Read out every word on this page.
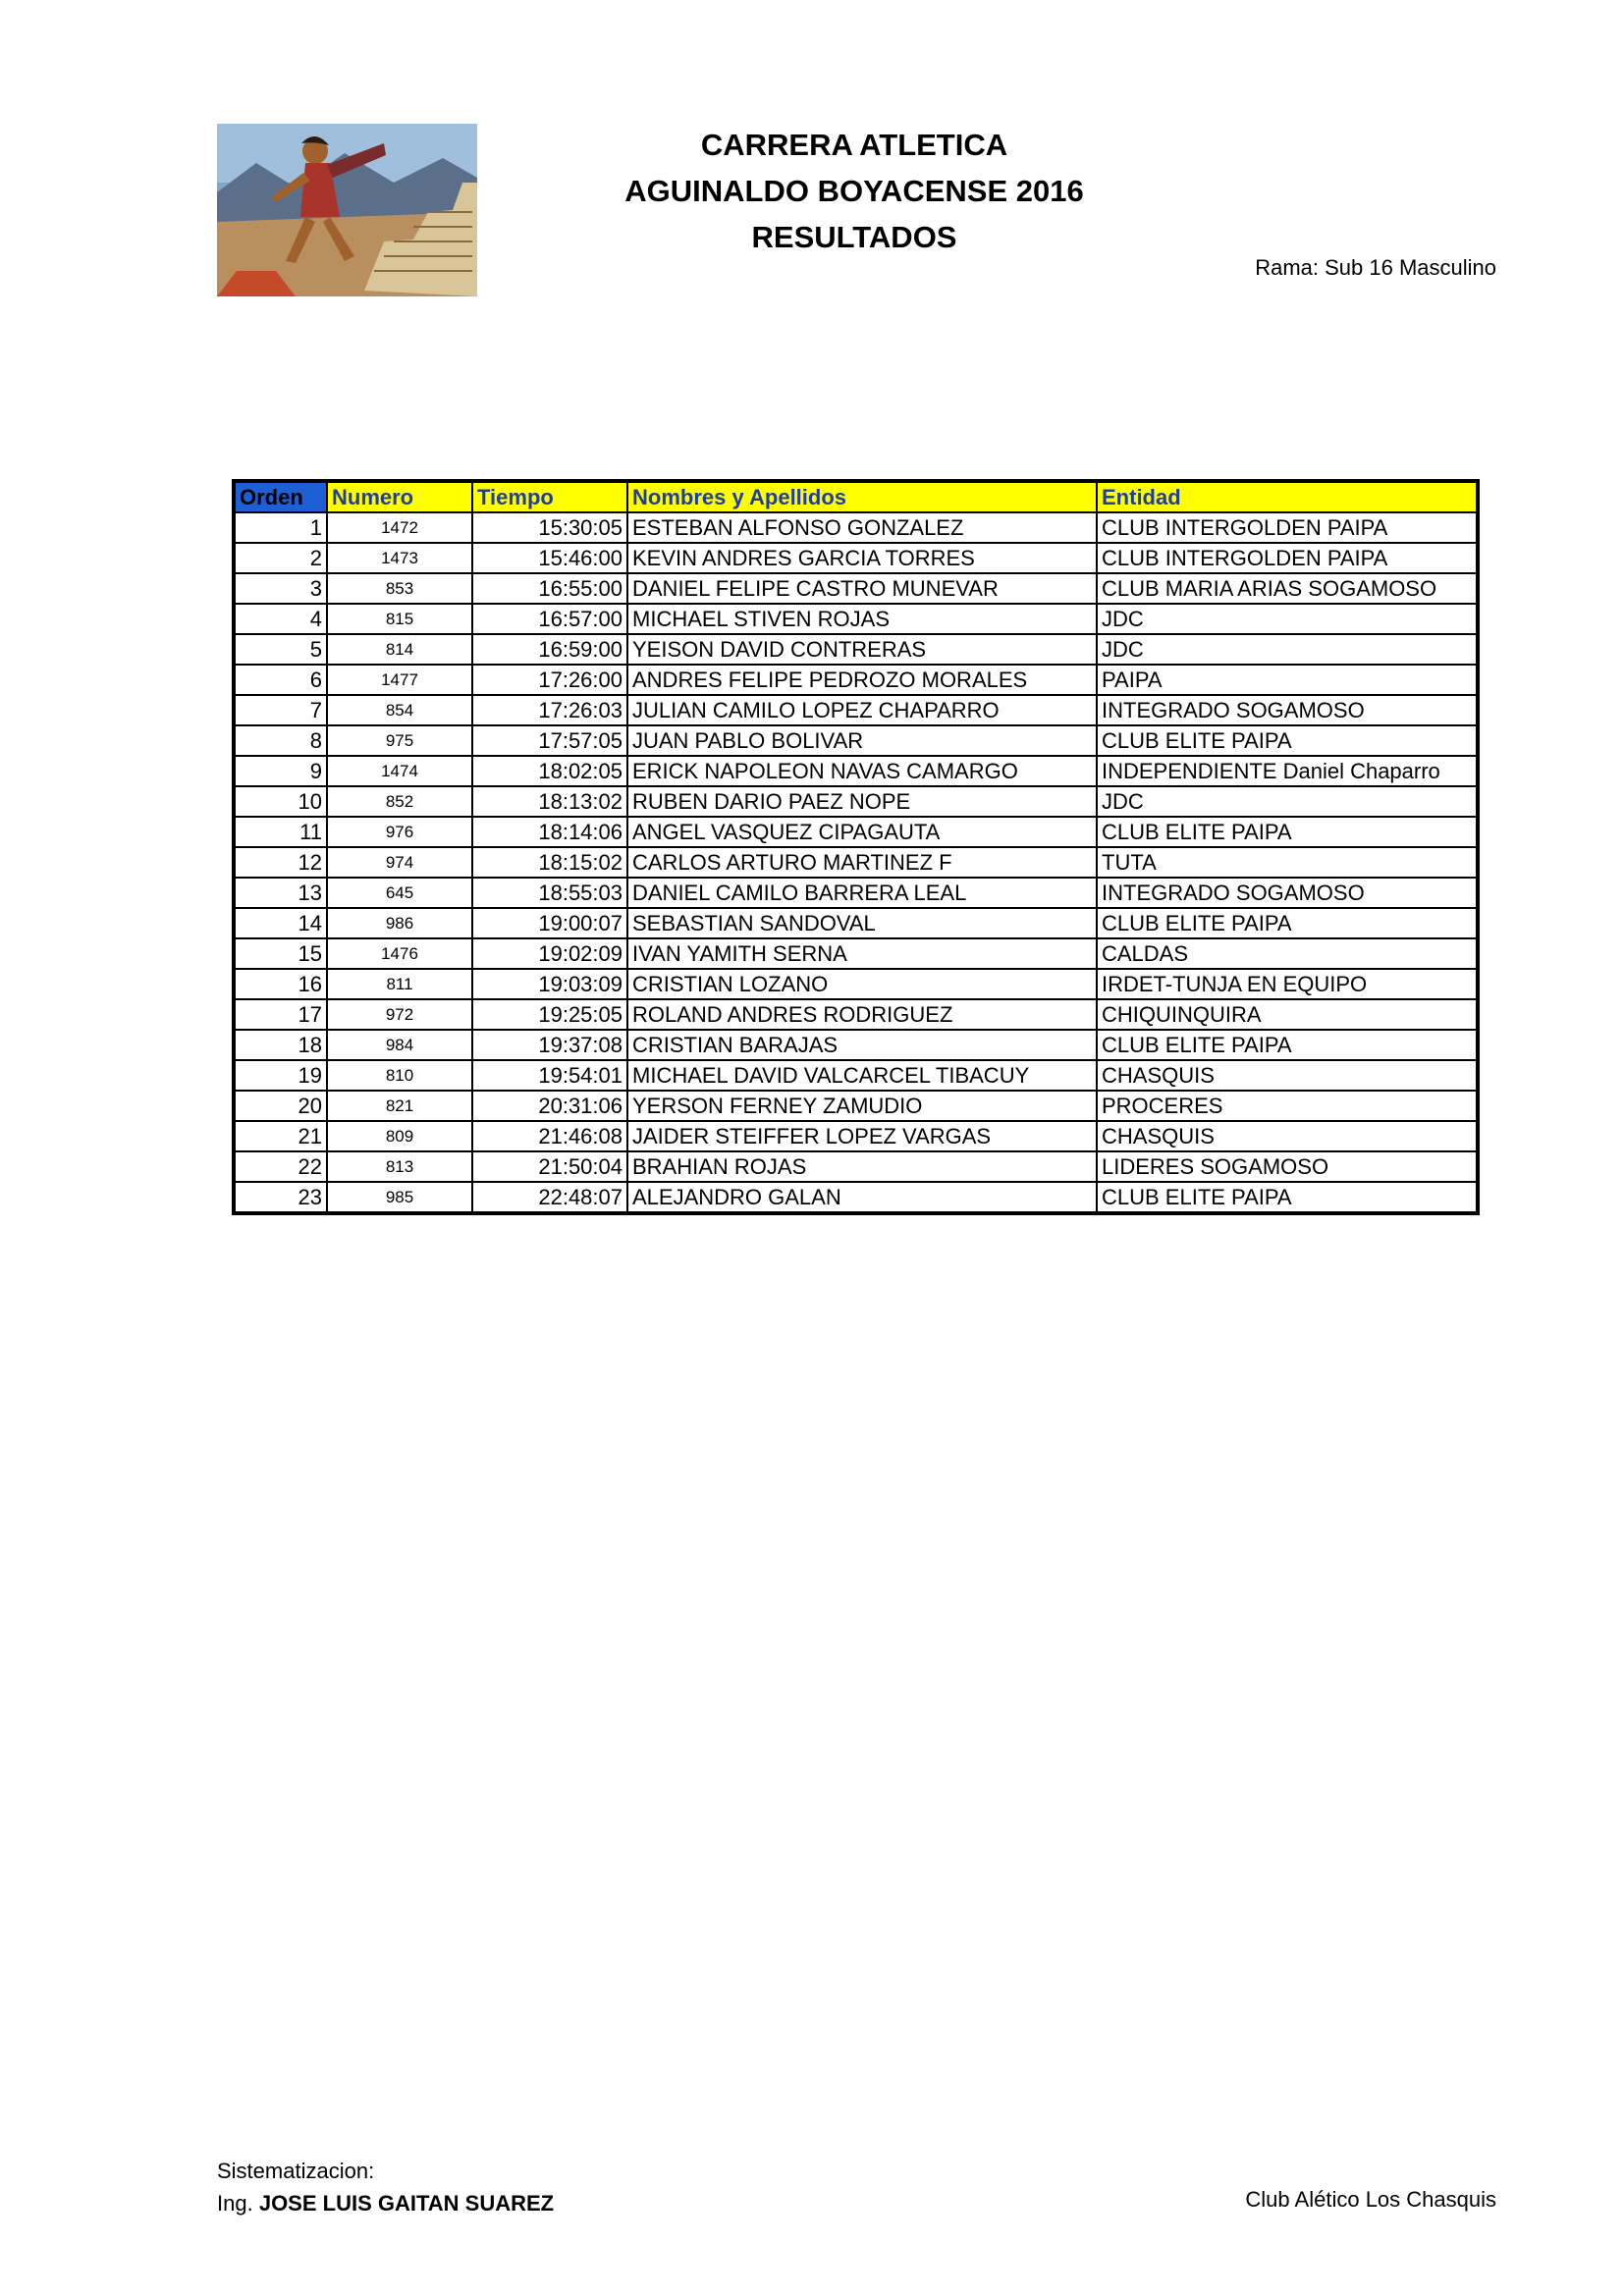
CARRERA ATLETICA
AGUINALDO BOYACENSE 2016
RESULTADOS
Rama: Sub 16 Masculino
Orden	Numero	Tiempo	Nombres y Apellidos	Entidad
1	1472	15:30:05	ESTEBAN ALFONSO GONZALEZ	CLUB INTERGOLDEN PAIPA
2	1473	15:46:00	KEVIN ANDRES GARCIA TORRES	CLUB INTERGOLDEN PAIPA
3	853	16:55:00	DANIEL FELIPE CASTRO MUNEVAR	CLUB MARIA ARIAS SOGAMOSO
4	815	16:57:00	MICHAEL STIVEN ROJAS	JDC
5	814	16:59:00	YEISON DAVID CONTRERAS	JDC
6	1477	17:26:00	ANDRES FELIPE PEDROZO MORALES	PAIPA
7	854	17:26:03	JULIAN CAMILO LOPEZ CHAPARRO	INTEGRADO SOGAMOSO
8	975	17:57:05	JUAN PABLO BOLIVAR	CLUB ELITE PAIPA
9	1474	18:02:05	ERICK NAPOLEON NAVAS CAMARGO	INDEPENDIENTE Daniel Chaparro
10	852	18:13:02	RUBEN DARIO PAEZ NOPE	JDC
11	976	18:14:06	ANGEL VASQUEZ CIPAGAUTA	CLUB ELITE PAIPA
12	974	18:15:02	CARLOS ARTURO MARTINEZ F	TUTA
13	645	18:55:03	DANIEL CAMILO BARRERA LEAL	INTEGRADO SOGAMOSO
14	986	19:00:07	SEBASTIAN SANDOVAL	CLUB ELITE PAIPA
15	1476	19:02:09	IVAN YAMITH SERNA	CALDAS
16	811	19:03:09	CRISTIAN LOZANO	IRDET-TUNJA EN EQUIPO
17	972	19:25:05	ROLAND ANDRES RODRIGUEZ	CHIQUINQUIRA
18	984	19:37:08	CRISTIAN BARAJAS	CLUB ELITE PAIPA
19	810	19:54:01	MICHAEL DAVID VALCARCEL TIBACUY	CHASQUIS
20	821	20:31:06	YERSON FERNEY ZAMUDIO	PROCERES
21	809	21:46:08	JAIDER STEIFFER LOPEZ VARGAS	CHASQUIS
22	813	21:50:04	BRAHIAN ROJAS	LIDERES SOGAMOSO
23	985	22:48:07	ALEJANDRO GALAN	CLUB ELITE PAIPA
Sistematizacion:
Ing. JOSE LUIS GAITAN SUAREZ	Club Alético Los Chasquis
